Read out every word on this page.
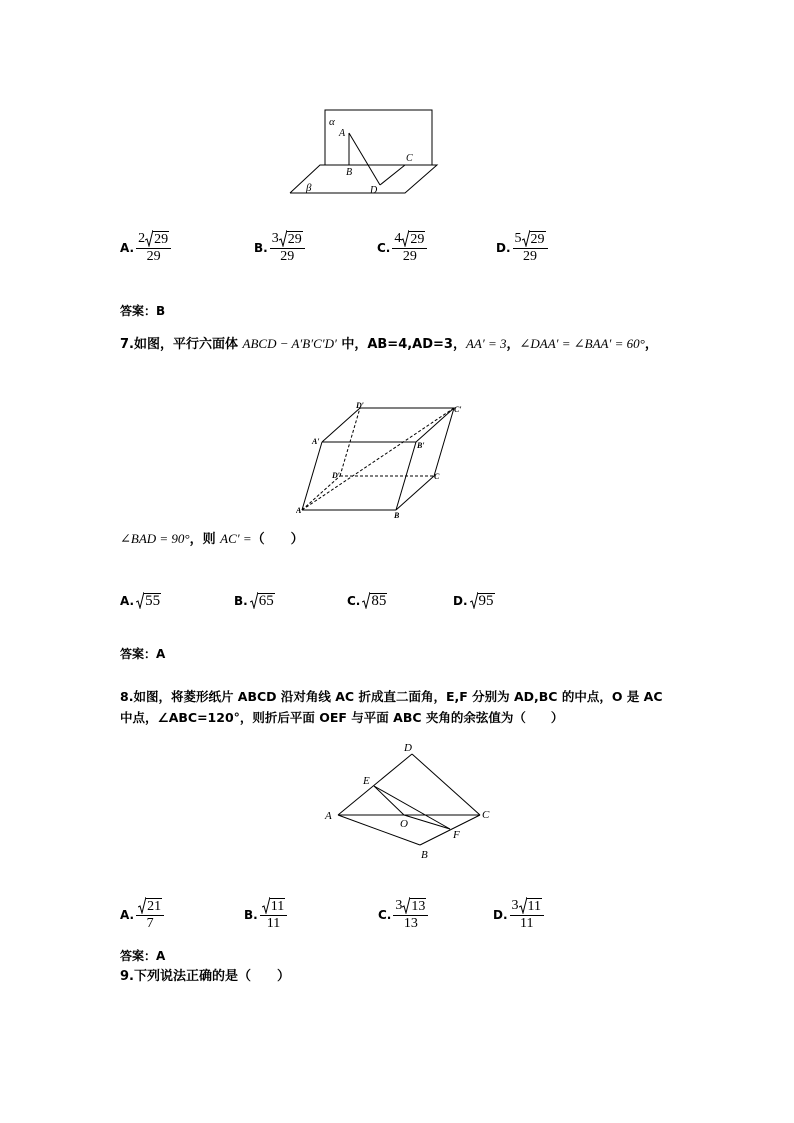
α
A
B
C
D
β
A. $\frac{2 29}{29}$	B. $\frac{3 29}{29}$	C. $\frac{4 29}{29}$	D. $\frac{5 29}{29}$
答案：B
7.如图，平行六面体 ABCD − A′B′C′D′ 中，AB=4,AD=3，AA′ = 3，∠DAA′ = ∠BAA′ = 60°，
D′	C′
A′	B′
D′	C
A′
B
∠BAD = 90°，则 AC′ =（　　）
A. 55	B. 65	C. 85	D. 95
答案：A
8.如图，将菱形纸片 ABCD 沿对角线 AC 折成直二面角，E,F 分别为 AD,BC 的中点，O 是 AC
中点，∠ABC=120°，则折后平面 OEF 与平面 ABC 夹角的余弦值为（　　）
D
E
A
O
C
F
B
A. $\frac{21}{7}$	B. $\frac{11}{11}$	C. $\frac{3 13}{13}$	D. $\frac{3 11}{11}$
答案：A
9.下列说法正确的是（　　）
